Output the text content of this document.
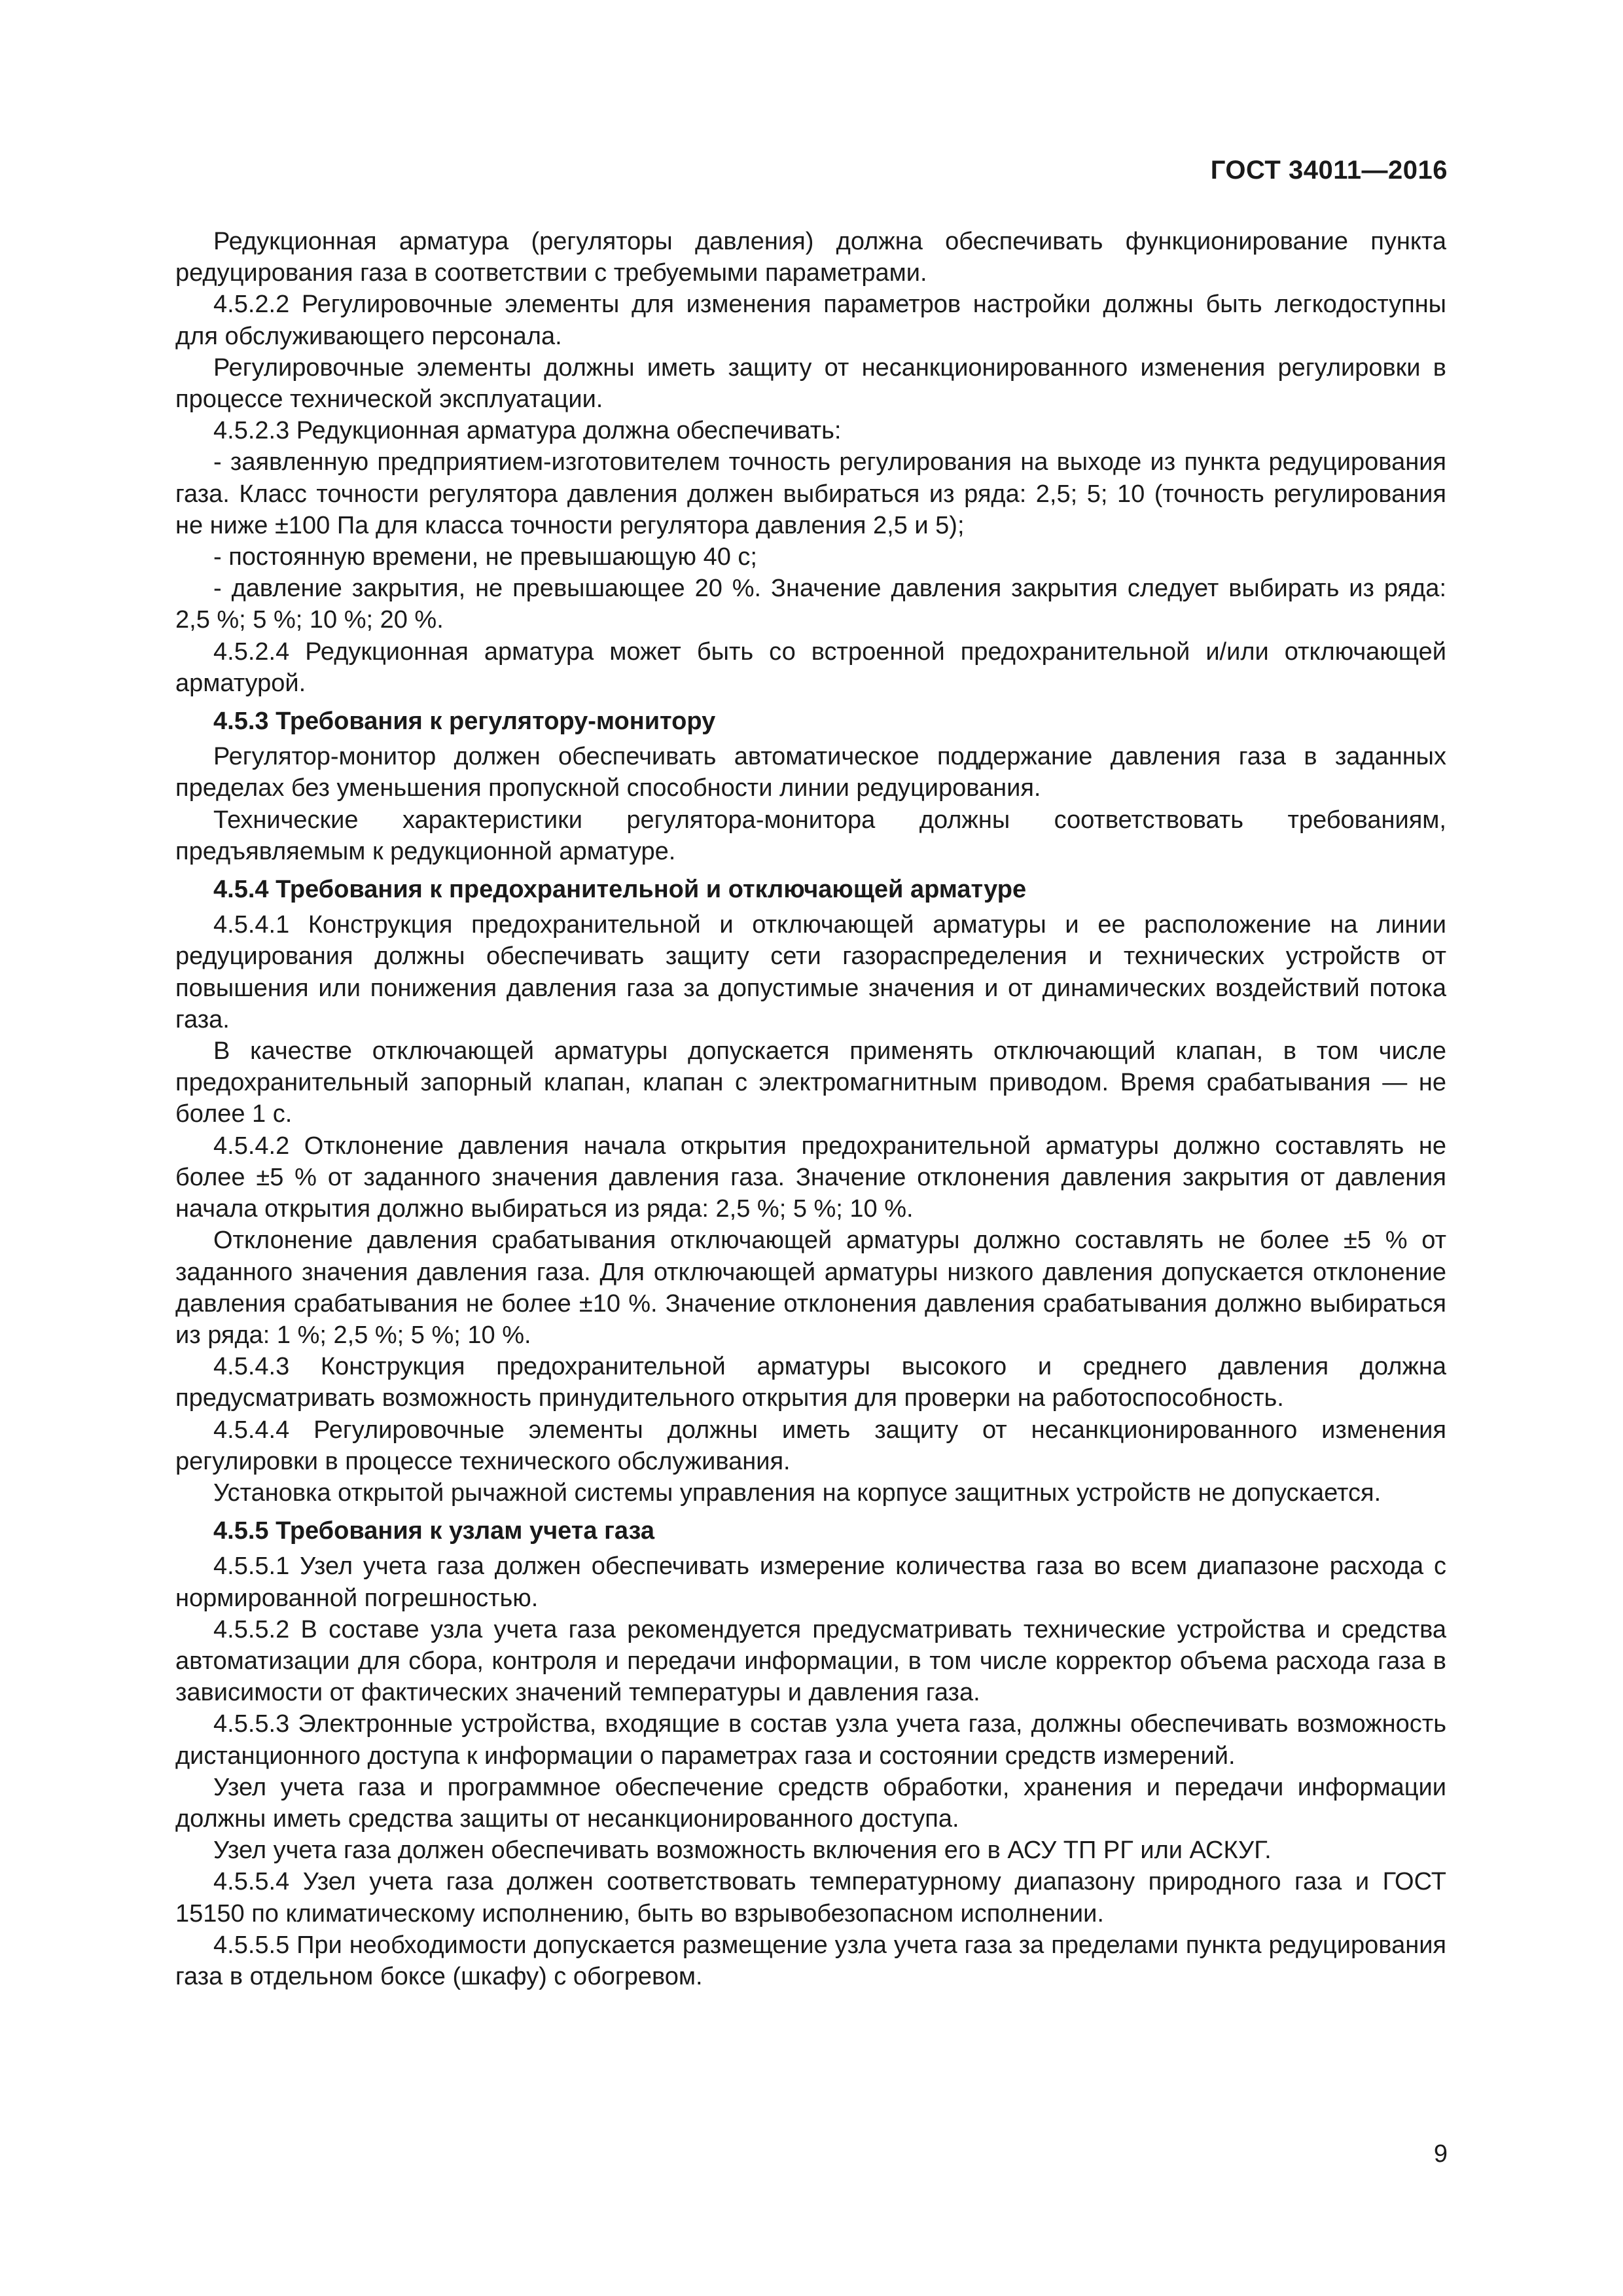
ГОСТ 34011—2016

Редукционная арматура (регуляторы давления) должна обеспечивать функционирование пункта редуцирования газа в соответствии с требуемыми параметрами.

4.5.2.2 Регулировочные элементы для изменения параметров настройки должны быть легкодоступны для обслуживающего персонала.

Регулировочные элементы должны иметь защиту от несанкционированного изменения регулировки в процессе технической эксплуатации.

4.5.2.3 Редукционная арматура должна обеспечивать:

- заявленную предприятием-изготовителем точность регулирования на выходе из пункта редуцирования газа. Класс точности регулятора давления должен выбираться из ряда: 2,5; 5; 10 (точность регулирования не ниже ±100 Па для класса точности регулятора давления 2,5 и 5);

- постоянную времени, не превышающую 40 с;

- давление закрытия, не превышающее 20 %. Значение давления закрытия следует выбирать из ряда: 2,5 %; 5 %; 10 %; 20 %.

4.5.2.4 Редукционная арматура может быть со встроенной предохранительной и/или отключающей арматурой.

4.5.3 Требования к регулятору-монитору

Регулятор-монитор должен обеспечивать автоматическое поддержание давления газа в заданных пределах без уменьшения пропускной способности линии редуцирования.

Технические характеристики регулятора-монитора должны соответствовать требованиям, предъявляемым к редукционной арматуре.

4.5.4 Требования к предохранительной и отключающей арматуре

4.5.4.1 Конструкция предохранительной и отключающей арматуры и ее расположение на линии редуцирования должны обеспечивать защиту сети газораспределения и технических устройств от повышения или понижения давления газа за допустимые значения и от динамических воздействий потока газа.

В качестве отключающей арматуры допускается применять отключающий клапан, в том числе предохранительный запорный клапан, клапан с электромагнитным приводом. Время срабатывания — не более 1 с.

4.5.4.2 Отклонение давления начала открытия предохранительной арматуры должно составлять не более ±5 % от заданного значения давления газа. Значение отклонения давления закрытия от давления начала открытия должно выбираться из ряда: 2,5 %; 5 %; 10 %.

Отклонение давления срабатывания отключающей арматуры должно составлять не более ±5 % от заданного значения давления газа. Для отключающей арматуры низкого давления допускается отклонение давления срабатывания не более ±10 %. Значение отклонения давления срабатывания должно выбираться из ряда: 1 %; 2,5 %; 5 %; 10 %.

4.5.4.3 Конструкция предохранительной арматуры высокого и среднего давления должна предусматривать возможность принудительного открытия для проверки на работоспособность.

4.5.4.4 Регулировочные элементы должны иметь защиту от несанкционированного изменения регулировки в процессе технического обслуживания.

Установка открытой рычажной системы управления на корпусе защитных устройств не допускается.

4.5.5 Требования к узлам учета газа

4.5.5.1 Узел учета газа должен обеспечивать измерение количества газа во всем диапазоне расхода с нормированной погрешностью.

4.5.5.2 В составе узла учета газа рекомендуется предусматривать технические устройства и средства автоматизации для сбора, контроля и передачи информации, в том числе корректор объема расхода газа в зависимости от фактических значений температуры и давления газа.

4.5.5.3 Электронные устройства, входящие в состав узла учета газа, должны обеспечивать возможность дистанционного доступа к информации о параметрах газа и состоянии средств измерений.

Узел учета газа и программное обеспечение средств обработки, хранения и передачи информации должны иметь средства защиты от несанкционированного доступа.

Узел учета газа должен обеспечивать возможность включения его в АСУ ТП РГ или АСКУГ.

4.5.5.4 Узел учета газа должен соответствовать температурному диапазону природного газа и ГОСТ 15150 по климатическому исполнению, быть во взрывобезопасном исполнении.

4.5.5.5 При необходимости допускается размещение узла учета газа за пределами пункта редуцирования газа в отдельном боксе (шкафу) с обогревом.

9
